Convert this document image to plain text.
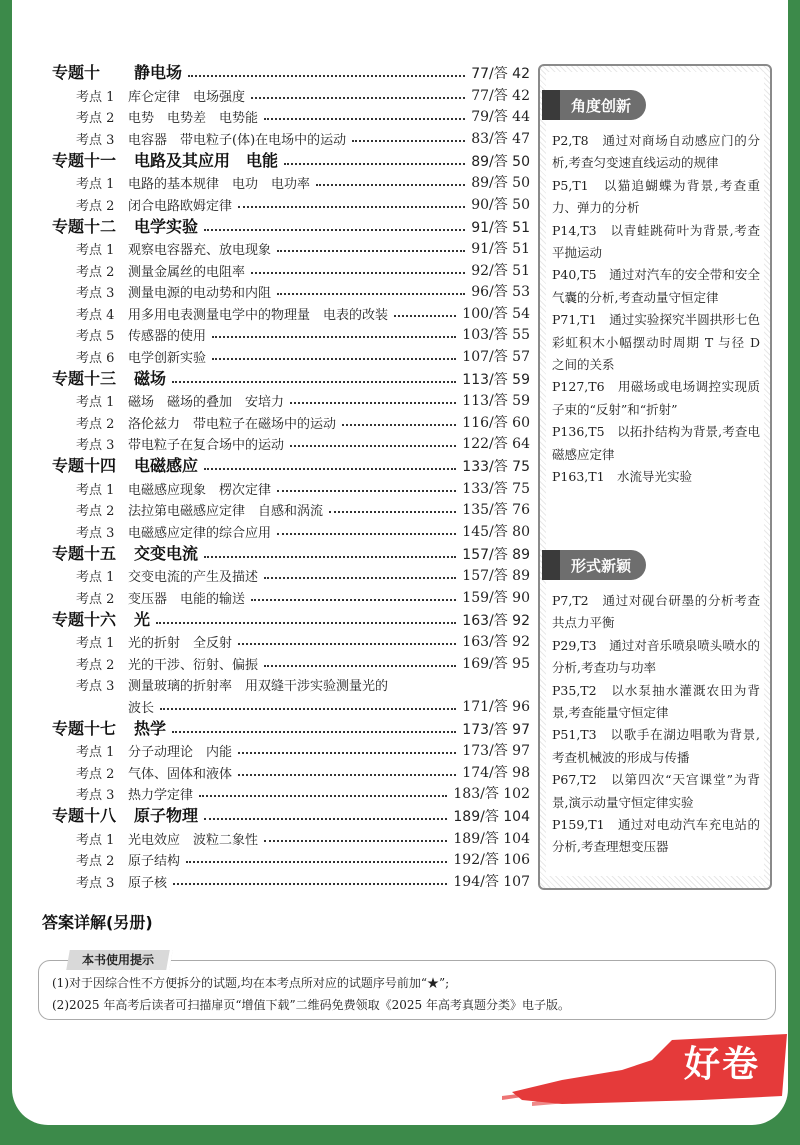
专题十	静电场	77/答 42
考点 1	库仑定律　电场强度	77/答 42
考点 2	电势　电势差　电势能	79/答 44
考点 3	电容器　带电粒子(体)在电场中的运动	83/答 47
专题十一	电路及其应用　电能	89/答 50
考点 1	电路的基本规律　电功　电功率	89/答 50
考点 2	闭合电路欧姆定律	90/答 50
专题十二	电学实验	91/答 51
考点 1	观察电容器充、放电现象	91/答 51
考点 2	测量金属丝的电阻率	92/答 51
考点 3	测量电源的电动势和内阻	96/答 53
考点 4	用多用电表测量电学中的物理量　电表的改装	100/答 54
考点 5	传感器的使用	103/答 55
考点 6	电学创新实验	107/答 57
专题十三	磁场	113/答 59
考点 1	磁场　磁场的叠加　安培力	113/答 59
考点 2	洛伦兹力　带电粒子在磁场中的运动	116/答 60
考点 3	带电粒子在复合场中的运动	122/答 64
专题十四	电磁感应	133/答 75
考点 1	电磁感应现象　楞次定律	133/答 75
考点 2	法拉第电磁感应定律　自感和涡流	135/答 76
考点 3	电磁感应定律的综合应用	145/答 80
专题十五	交变电流	157/答 89
考点 1	交变电流的产生及描述	157/答 89
考点 2	变压器　电能的输送	159/答 90
专题十六	光	163/答 92
考点 1	光的折射　全反射	163/答 92
考点 2	光的干涉、衍射、偏振	169/答 95
考点 3	测量玻璃的折射率　用双缝干涉实验测量光的
波长	171/答 96
专题十七	热学	173/答 97
考点 1	分子动理论　内能	173/答 97
考点 2	气体、固体和液体	174/答 98
考点 3	热力学定律	183/答 102
专题十八	原子物理	189/答 104
考点 1	光电效应　波粒二象性	189/答 104
考点 2	原子结构	192/答 106
考点 3	原子核	194/答 107
角度创新
P2,T8　通过对商场自动感应门的分析,考查匀变速直线运动的规律
P5,T1　以猫追蝴蝶为背景,考查重力、弹力的分析
P14,T3　以青蛙跳荷叶为背景,考查平抛运动
P40,T5　通过对汽车的安全带和安全气囊的分析,考查动量守恒定律
P71,T1　通过实验探究半圆拱形七色彩虹积木小幅摆动时周期 T 与径 D 之间的关系
P127,T6　用磁场或电场调控实现质子束的“反射”和“折射”
P136,T5　以拓扑结构为背景,考查电磁感应定律
P163,T1　水流导光实验
形式新颖
P7,T2　通过对砚台研墨的分析考查共点力平衡
P29,T3　通过对音乐喷泉喷头喷水的分析,考查功与功率
P35,T2　以水泵抽水灌溉农田为背景,考查能量守恒定律
P51,T3　以歌手在湖边唱歌为背景,考查机械波的形成与传播
P67,T2　以第四次“天宫课堂”为背景,演示动量守恒定律实验
P159,T1　通过对电动汽车充电站的分析,考查理想变压器
答案详解(另册)
本书使用提示
(1)对于因综合性不方便拆分的试题,均在本考点所对应的试题序号前加“★”;
(2)2025 年高考后读者可扫描扉页“增值下载”二维码免费领取《2025 年高考真题分类》电子版。
好卷
